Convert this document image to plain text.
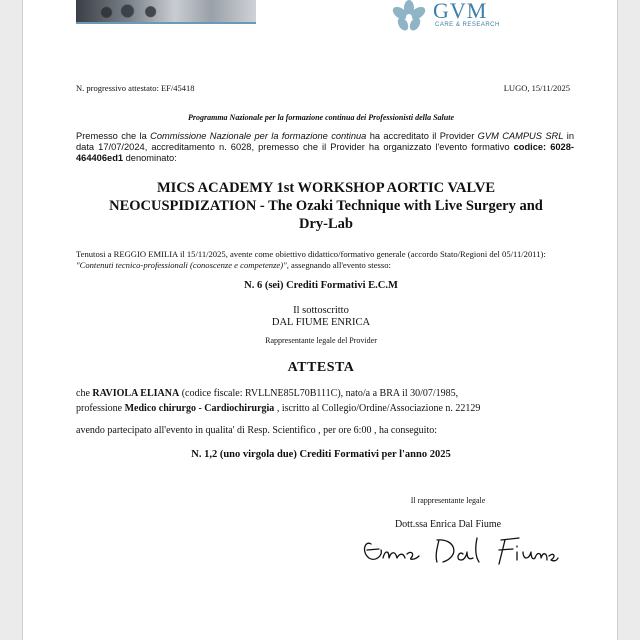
GVM
CARE & RESEARCH
N. progressivo attestato: EF/45418	LUGO, 15/11/2025
Programma Nazionale per la formazione continua dei Professionisti della Salute
Premesso che la Commissione Nazionale per la formazione continua ha accreditato il Provider GVM CAMPUS SRL in data 17/07/2024, accreditamento n. 6028, premesso che il Provider ha organizzato l'evento formativo codice: 6028-464406ed1 denominato:
MICS ACADEMY 1st WORKSHOP AORTIC VALVE NEOCUSPIDIZATION - The Ozaki Technique with Live Surgery and Dry-Lab
Tenutosi a REGGIO EMILIA il 15/11/2025, avente come obiettivo didattico/formativo generale (accordo Stato/Regioni del 05/11/2011): "Contenuti tecnico-professionali (conoscenze e competenze)", assegnando all'evento stesso:
N. 6 (sei) Crediti Formativi E.C.M
Il sottoscritto
DAL FIUME ENRICA
Rappresentante legale del Provider
ATTESTA
che RAVIOLA ELIANA (codice fiscale: RVLLNE85L70B111C), nato/a a BRA il 30/07/1985,
professione Medico chirurgo - Cardiochirurgia , iscritto al Collegio/Ordine/Associazione n. 22129
avendo partecipato all'evento in qualita' di Resp. Scientifico , per ore 6:00 , ha conseguito:
N. 1,2 (uno virgola due) Crediti Formativi per l'anno 2025
Il rappresentante legale
Dott.ssa Enrica Dal Fiume
